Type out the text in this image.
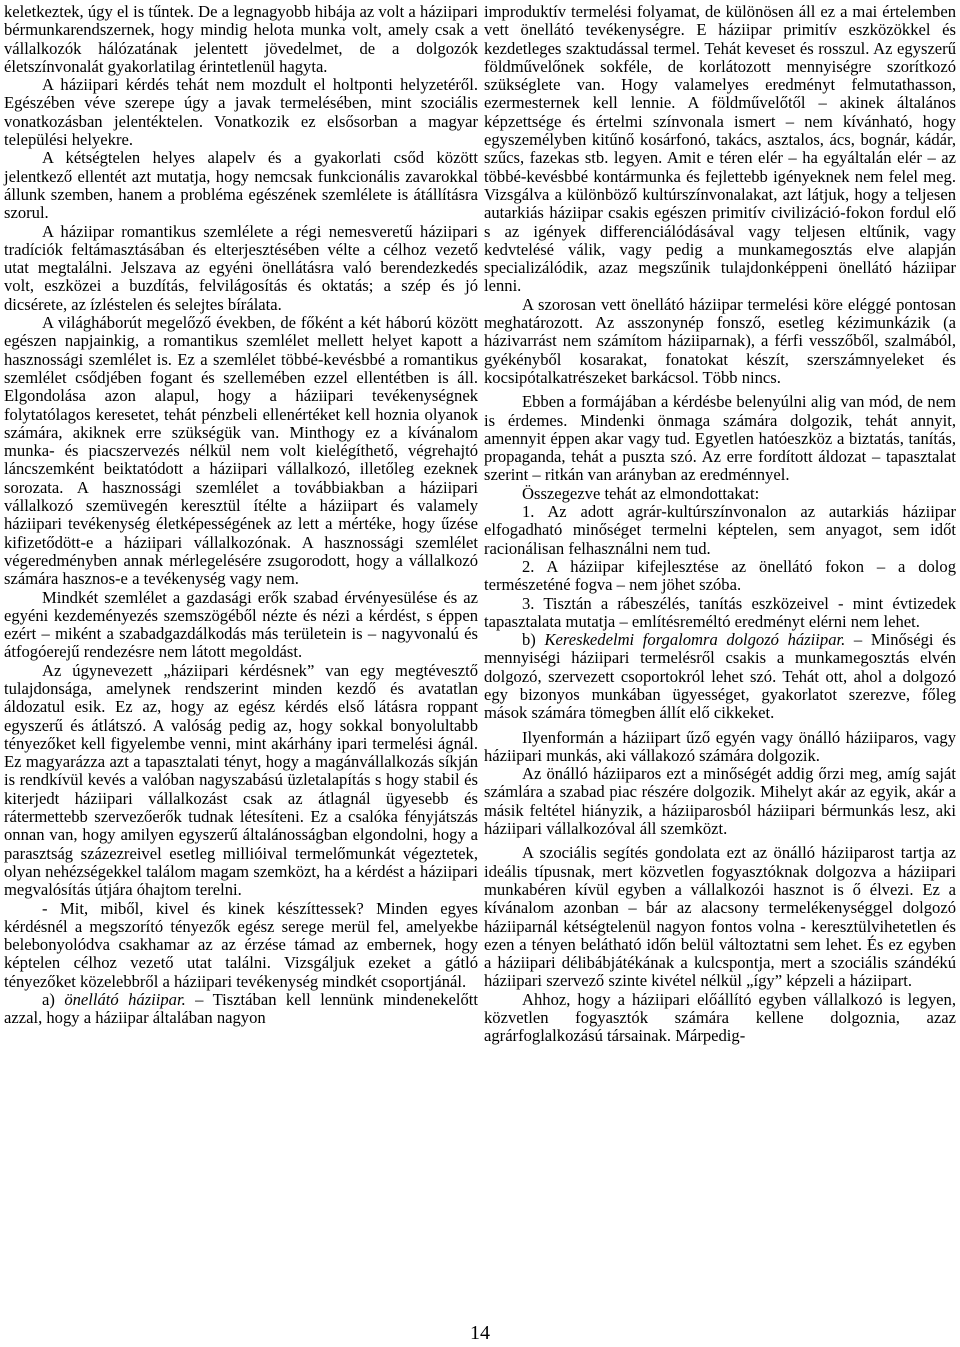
keletkeztek, úgy el is tűntek. De a legnagyobb hibája az volt a háziipari bérmunkarendszernek, hogy mindig helota munka volt, amely csak a vállalkozók hálózatának jelentett jövedelmet, de a dolgozók életszínvonalát gyakorlatilag érintetlenül hagyta.

A háziipari kérdés tehát nem mozdult el holtponti helyzetéről. Egészében véve szerepe úgy a javak termelésében, mint szociális vonatkozásban jelentéktelen. Vonatkozik ez elsősorban a magyar települési helyekre.

A kétségtelen helyes alapelv és a gyakorlati csőd között jelentkező ellentét azt mutatja, hogy nemcsak funkcionális zavarokkal állunk szemben, hanem a probléma egészének szemlélete is átállításra szorul.

A háziipar romantikus szemlélete a régi nemesveretű háziipari tradíciók feltámasztásában és elterjesztésében vélte a célhoz vezető utat megtalálni. Jelszava az egyéni önellátásra való berendezkedés volt, eszközei a buzdítás, felvilágosítás és oktatás; a szép és jó dicsérete, az ízléstelen és selejtes bírálata.

A világháborút megelőző években, de főként a két háború között egészen napjainkig, a romantikus szemlélet mellett helyet kapott a hasznossági szemlélet is. Ez a szemlélet többé-kevésbbé a romantikus szemlélet csődjében fogant és szellemében ezzel ellentétben is áll. Elgondolása azon alapul, hogy a háziipari tevékenységnek folytatólagos keresetet, tehát pénzbeli ellenértéket kell hoznia olyanok számára, akiknek erre szükségük van. Minthogy ez a kívánalom munka- és piacszervezés nélkül nem volt kielégíthető, végrehajtó láncszemként beiktatódott a háziipari vállalkozó, illetőleg ezeknek sorozata. A hasznossági szemlélet a továbbiakban a háziipari vállalkozó szemüvegén keresztül ítélte a háziipart és valamely háziipari tevékenység életképességének az lett a mértéke, hogy űzése kifizetődött-e a háziipari vállalkozónak. A hasznossági szemlélet végeredményben annak mérlegelésére zsugorodott, hogy a vállalkozó számára hasznos-e a tevékenység vagy nem.

Mindkét szemlélet a gazdasági erők szabad érvényesülése és az egyéni kezdeményezés szemszögéből nézte és nézi a kérdést, s éppen ezért – miként a szabadgazdálkodás más területein is – nagyvonalú és átfogóerejű rendezésre nem látott megoldást.

Az úgynevezett „háziipari kérdésnek” van egy megtévesztő tulajdonsága, amelynek rendszerint minden kezdő és avatatlan áldozatul esik. Ez az, hogy az egész kérdés első látásra roppant egyszerű és átlátszó. A valóság pedig az, hogy sokkal bonyolultabb tényezőket kell figyelembe venni, mint akárhány ipari termelési ágnál. Ez magyarázza azt a tapasztalati tényt, hogy a magánvállalkozás síkján is rendkívül kevés a valóban nagyszabású üzletalapítás s hogy stabil és kiterjedt háziipari vállalkozást csak az átlagnál ügyesebb és rátermettebb szervezőerők tudnak létesíteni. Ez a csalóka fényjátszás onnan van, hogy amilyen egyszerű általánosságban elgondolni, hogy a parasztság százezreivel esetleg millióival termelőmunkát végeztetek, olyan nehézségekkel találom magam szemközt, ha a kérdést a háziipari megvalósítás útjára óhajtom terelni.

- Mit, miből, kivel és kinek készíttessek? Minden egyes kérdésnél a megszorító tényezők egész serege merül fel, amelyekbe belebonyolódva csakhamar az az érzése támad az embernek, hogy képtelen célhoz vezető utat találni. Vizsgáljuk ezeket a gátló tényezőket közelebbről a háziipari tevékenység mindkét csoportjánál.

a) önellátó háziipar. – Tisztában kell lennünk mindenekelőtt azzal, hogy a háziipar általában nagyon

improduktív termelési folyamat, de különösen áll ez a mai értelemben vett önellátó tevékenységre. E háziipar primitív eszközökkel és kezdetleges szaktudással termel. Tehát keveset és rosszul. Az egyszerű földművelőnek sokféle, de korlátozott mennyiségre szorítkozó szükséglete van. Hogy valamelyes eredményt felmutathasson, ezermesternek kell lennie. A földművelőtől – akinek általános képzettsége és értelmi színvonala ismert – nem kívánható, hogy egyszemélyben kitűnő kosárfonó, takács, asztalos, ács, bognár, kádár, szűcs, fazekas stb. legyen. Amit e téren elér – ha egyáltalán elér – az többé-kevésbbé kontármunka és fejlettebb igényeknek nem felel meg. Vizsgálva a különböző kultúrszínvonalakat, azt látjuk, hogy a teljesen autarkiás háziipar csakis egészen primitív civilizáció-fokon fordul elő s az igények differenciálódásával vagy teljesen eltűnik, vagy kedvtelésé válik, vagy pedig a munkamegosztás elve alapján specializálódik, azaz megszűnik tulajdonképpeni önellátó háziipar lenni.

A szorosan vett önellátó háziipar termelési köre eléggé pontosan meghatározott. Az asszonynép fonsző, esetleg kézimunkázik (a házivarrást nem számítom háziiparnak), a férfi vesszőből, szalmából, gyékényből kosarakat, fonatokat készít, szerszámnyeleket és kocsipótalkatrészeket barkácsol. Több nincs.

Ebben a formájában a kérdésbe belenyúlni alig van mód, de nem is érdemes. Mindenki önmaga számára dolgozik, tehát annyit, amennyit éppen akar vagy tud. Egyetlen hatóeszköz a biztatás, tanítás, propaganda, tehát a puszta szó. Az erre fordított áldozat – tapasztalat szerint – ritkán van arányban az eredménnyel.

Összegezve tehát az elmondottakat:

1. Az adott agrár-kultúrszínvonalon az autarkiás háziipar elfogadható minőséget termelni képtelen, sem anyagot, sem időt racionálisan felhasználni nem tud.

2. A háziipar kifejlesztése az önellátó fokon – a dolog természeténé fogva – nem jöhet szóba.

3. Tisztán a rábeszélés, tanítás eszközeivel - mint évtizedek tapasztalata mutatja – említésreméltó eredményt elérni nem lehet.

b) Kereskedelmi forgalomra dolgozó háziipar. – Minőségi és mennyiségi háziipari termelésről csakis a munkamegosztás elvén dolgozó, szervezett csoportokról lehet szó. Tehát ott, ahol a dolgozó egy bizonyos munkában ügyességet, gyakorlatot szerezve, főleg mások számára tömegben állít elő cikkeket.

Ilyenformán a háziipart űző egyén vagy önálló háziiparos, vagy háziipari munkás, aki vállakozó számára dolgozik.

Az önálló háziiparos ezt a minőségét addig őrzi meg, amíg saját számlára a szabad piac részére dolgozik. Mihelyt akár az egyik, akár a másik feltétel hiányzik, a háziiparosból háziipari bérmunkás lesz, aki háziipari vállalkozóval áll szemközt.

A szociális segítés gondolata ezt az önálló háziiparost tartja az ideális típusnak, mert közvetlen fogyasztóknak dolgozva a háziipari munkabéren kívül egyben a vállalkozói hasznot is ő élvezi. Ez a kívánalom azonban – bár az alacsony termelékenységgel dolgozó háziiparnál kétségtelenül nagyon fontos volna - keresztülvihetetlen és ezen a tényen belátható időn belül változtatni sem lehet. És ez egyben a háziipari délibábjátékának a kulcspontja, mert a szociális szándékú háziipari szervező szinte kivétel nélkül „így” képzeli a háziipart.

Ahhoz, hogy a háziipari előállító egyben vállalkozó is legyen, közvetlen fogyasztók számára kellene dolgoznia, azaz agrárfoglalkozású társainak. Márpedig-

14
